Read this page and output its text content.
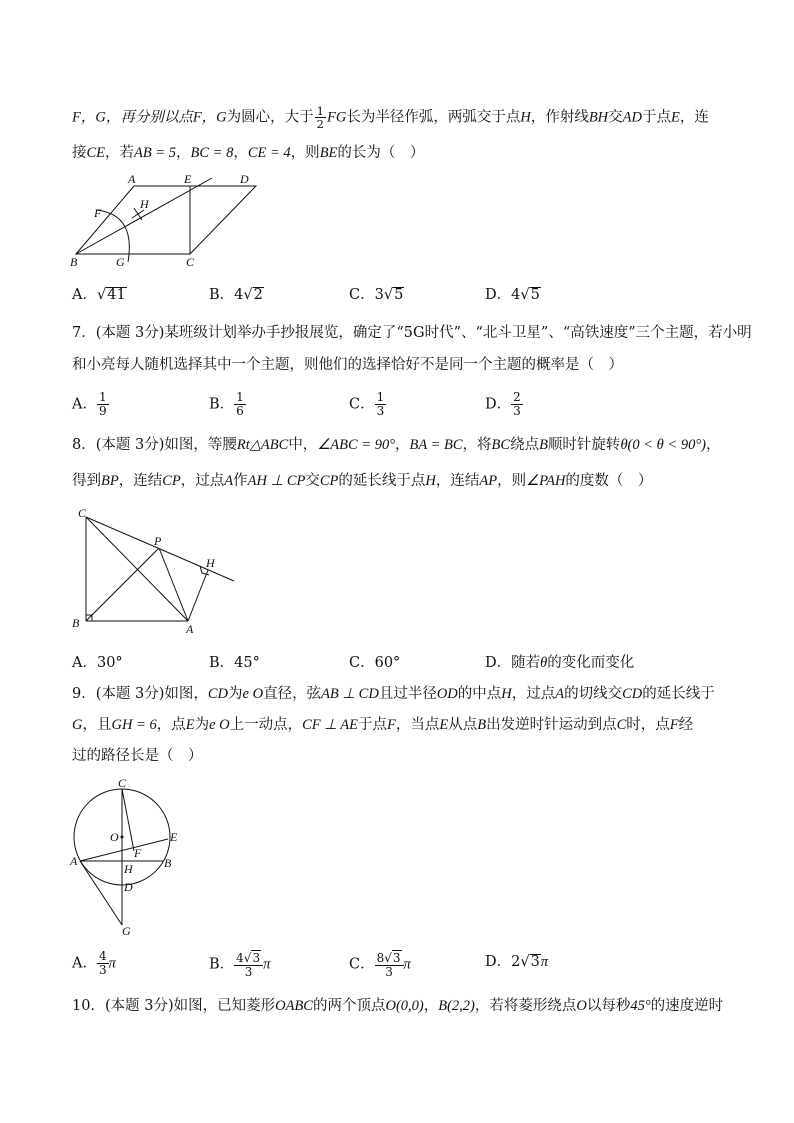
F，G，再分别以点F，G为圆心，大于 $\frac{1}{2}$ FG长为半径作弧，两弧交于点H，作射线BH交AD于点E，连
接CE，若AB = 5，BC = 8，CE = 4，则BE的长为（　）
A	E	D
F
H
B	G	C
A．√41	B．4√2	C．3√5	D．4√5
7．(本题 3分)某班级计划举办手抄报展览，确定了“5G时代”、“北斗卫星”、“高铁速度”三个主题，若小明
和小亮每人随机选择其中一个主题，则他们的选择恰好不是同一个主题的概率是（　）
A． $\frac{1}{9}$	B． $\frac{1}{6}$	C． $\frac{1}{3}$	D． $\frac{2}{3}$
8．(本题 3分)如图，等腰Rt△ABC中，∠ABC = 90°，BA = BC，将BC绕点B顺时针旋转θ(0 < θ < 90°)，
得到BP，连结CP，过点A作AH ⊥ CP交CP的延长线于点H，连结AP，则∠PAH的度数（　）
C
P
H
B	A
A．30°	B．45°	C．60°	D．随若θ的变化而变化
9．(本题 3分)如图，CD为e O直径，弦AB ⊥ CD且过半径OD的中点H，过点A的切线交CD的延长线于
G，且GH = 6，点E为e O上一动点，CF ⊥ AE于点F，当点E从点B出发逆时针运动到点C时，点F经
过的路径长是（　）
C
O	E
F
A
H	B
D
G
A． $\frac{4}{3}$ π	B． $\frac{4√3}{3}$ π	C． $\frac{8√3}{3}$ π	D．2√3π
10．(本题 3分)如图，已知菱形OABC的两个顶点O(0,0)，B(2,2)，若将菱形绕点O以每秒45°的速度逆时
